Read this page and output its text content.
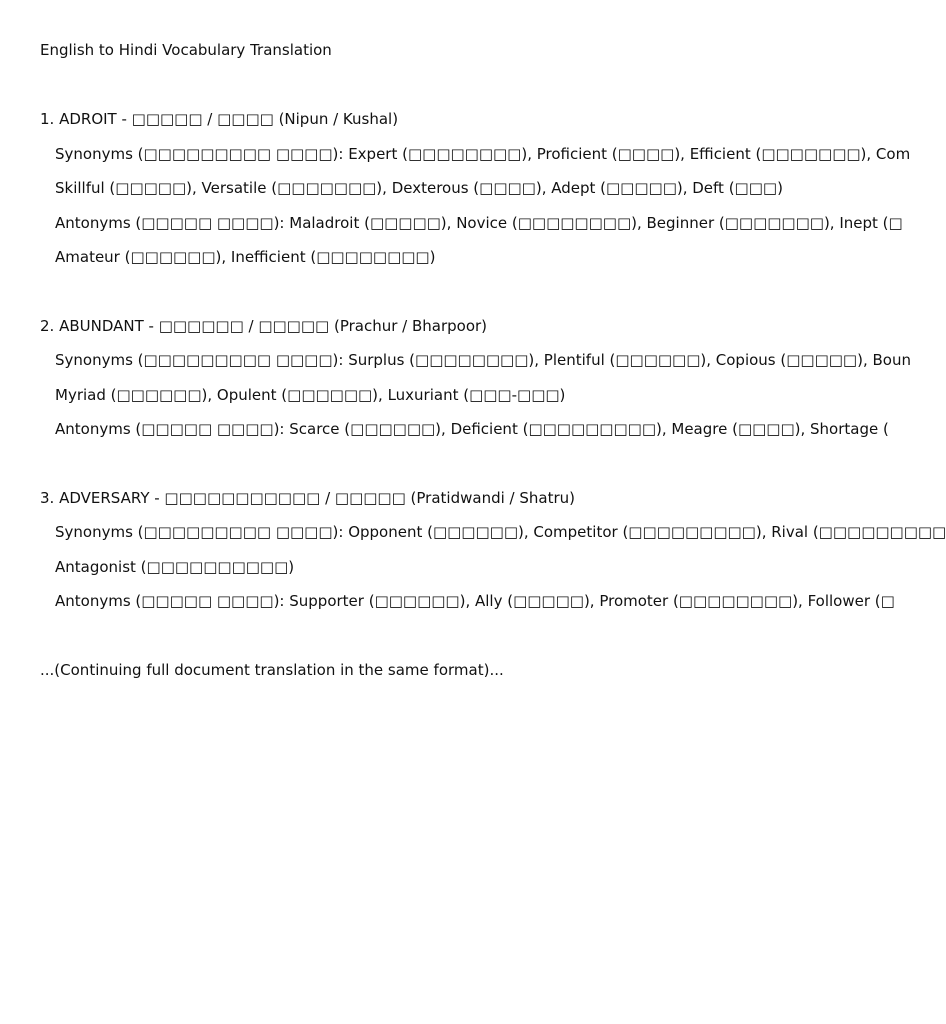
English to Hindi Vocabulary Translation
1. ADROIT - □□□□□ / □□□□ (Nipun / Kushal)
Synonyms (□□□□□□□□□ □□□□): Expert (□□□□□□□□), Proficient (□□□□), Efficient (□□□□□□□), Com
Skillful (□□□□□), Versatile (□□□□□□□), Dexterous (□□□□), Adept (□□□□□), Deft (□□□)
Antonyms (□□□□□ □□□□): Maladroit (□□□□□), Novice (□□□□□□□□), Beginner (□□□□□□□), Inept (□
Amateur (□□□□□□), Inefficient (□□□□□□□□)
2. ABUNDANT - □□□□□□ / □□□□□ (Prachur / Bharpoor)
Synonyms (□□□□□□□□□ □□□□): Surplus (□□□□□□□□), Plentiful (□□□□□□), Copious (□□□□□), Boun
Myriad (□□□□□□), Opulent (□□□□□□), Luxuriant (□□□-□□□)
Antonyms (□□□□□ □□□□): Scarce (□□□□□□), Deficient (□□□□□□□□□), Meagre (□□□□), Shortage (
3. ADVERSARY - □□□□□□□□□□□ / □□□□□ (Pratidwandi / Shatru)
Synonyms (□□□□□□□□□ □□□□): Opponent (□□□□□□), Competitor (□□□□□□□□□), Rival (□□□□□□□□□
Antagonist (□□□□□□□□□□)
Antonyms (□□□□□ □□□□): Supporter (□□□□□□), Ally (□□□□□), Promoter (□□□□□□□□), Follower (□
...(Continuing full document translation in the same format)...
